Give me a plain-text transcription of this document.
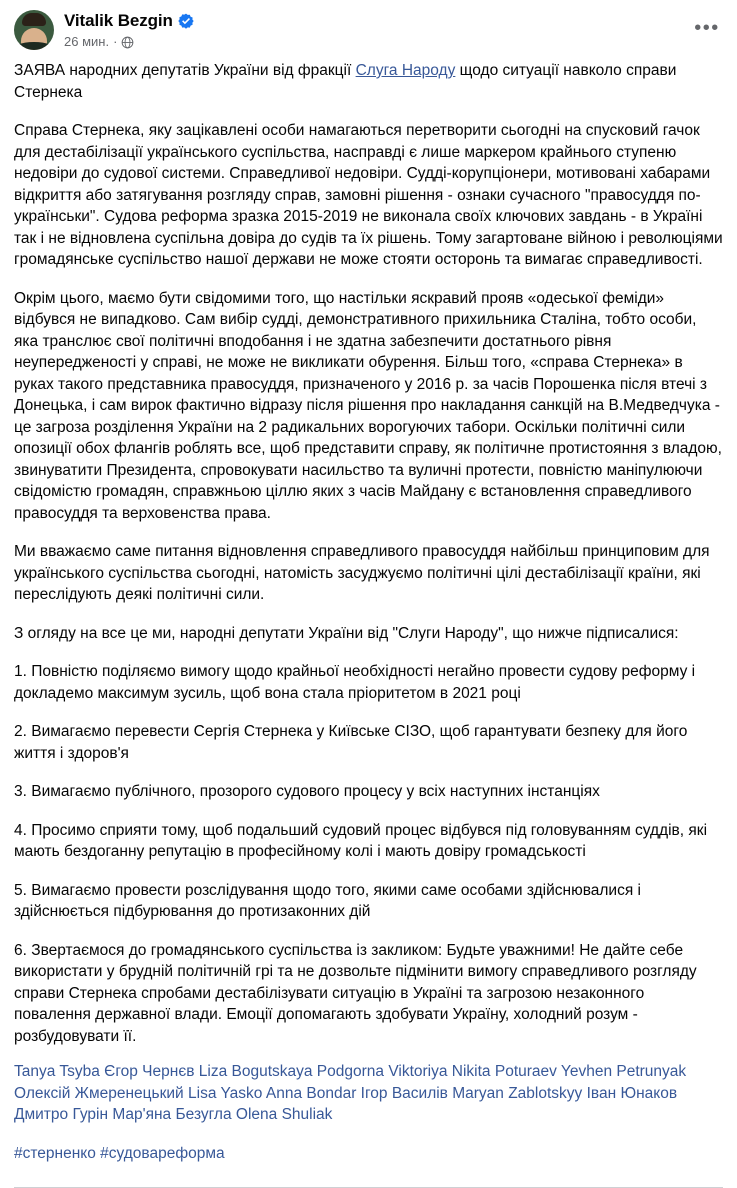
Vitalik Bezgin
26 мин. ·
•••

ЗАЯВА народних депутатів України від фракції Слуга Народу щодо ситуації навколо справи Стернека

Справа Стернека, яку зацікавлені особи намагаються перетворити сьогодні на спусковий гачок для дестабілізації українського суспільства, насправді є лише маркером крайнього ступеню недовіри до судової системи. Справедливої недовіри. Судді-корупціонери, мотивовані хабарами відкриття або затягування розгляду справ, замовні рішення - ознаки сучасного "правосуддя по-українськи". Судова реформа зразка 2015-2019 не виконала своїх ключових завдань - в Україні так і не відновлена суспільна довіра до судів та їх рішень. Тому загартоване війною і революціями громадянське суспільство нашої держави не може стояти осторонь та вимагає справедливості.

Окрім цього, маємо бути свідомими того, що настільки яскравий прояв «одеської феміди» відбувся не випадково. Сам вибір судді, демонстративного прихильника Сталіна, тобто особи, яка транслює свої політичні вподобання і не здатна забезпечити достатнього рівня неупередженості у справі, не може не викликати обурення. Більш того, «справа Стернека» в руках такого представника правосуддя, призначеного у 2016 р. за часів Порошенка після втечі з Донецька, і сам вирок фактично відразу після рішення про накладання санкцій на В.Медведчука - це загроза розділення України на 2 радикальних ворогуючих табори. Оскільки політичні сили опозиції обох флангів роблять все, щоб представити справу, як політичне протистояння з владою, звинуватити Президента, спровокувати насильство та вуличні протести, повністю маніпулюючи свідомістю громадян, справжньою ціллю яких з часів Майдану є встановлення справедливого правосуддя та верховенства права.

Ми вважаємо саме питання відновлення справедливого правосуддя найбільш принциповим для українського суспільства сьогодні, натомість засуджуємо політичні цілі дестабілізації країни, які переслідують деякі політичні сили.

З огляду на все це ми, народні депутати України від "Слуги Народу", що нижче підписалися:

1. Повністю поділяємо вимогу щодо крайньої необхідності негайно провести судову реформу і докладемо максимум зусиль, щоб вона стала пріоритетом в 2021 році

2. Вимагаємо перевести Сергія Стернека у Київське СІЗО, щоб гарантувати безпеку для його життя і здоров'я

3. Вимагаємо публічного, прозорого судового процесу у всіх наступних інстанціях

4. Просимо сприяти тому, щоб подальший судовий процес відбувся під головуванням суддів, які мають бездоганну репутацію в професійному колі і мають довіру громадськості

5. Вимагаємо провести розслідування щодо того, якими саме особами здійснювалися і здійснюється підбурювання до протизаконних дій

6. Звертаємося до громадянського суспільства із закликом: Будьте уважними! Не дайте себе використати у брудній політичній грі та не дозвольте підмінити вимогу справедливого розгляду справи Стернека спробами дестабілізувати ситуацію в Україні та загрозою незаконного повалення державної влади. Емоції допомагають здобувати Україну, холодний розум - розбудовувати її.

Tanya Tsyba Єгор Чернєв Liza Bogutskaya Podgorna Viktoriya Nikita Poturaev Yevhen Petrunyak Олексій Жмеренецький Lisa Yasko Anna Bondar Ігор Василів Maryan Zablotskyy Іван Юнаков Дмитро Гурін Мар'яна Безугла Olena Shuliak

#стернeнко #судовареформа
